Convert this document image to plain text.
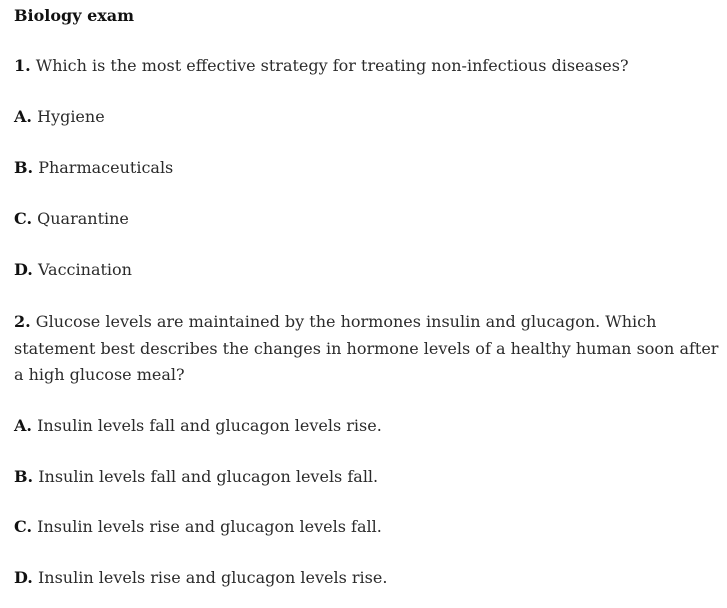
Biology exam
1. Which is the most effective strategy for treating non-infectious diseases?
A. Hygiene
B. Pharmaceuticals
C. Quarantine
D. Vaccination
2. Glucose levels are maintained by the hormones insulin and glucagon. Which statement best describes the changes in hormone levels of a healthy human soon after a high glucose meal?
A. Insulin levels fall and glucagon levels rise.
B. Insulin levels fall and glucagon levels fall.
C. Insulin levels rise and glucagon levels fall.
D. Insulin levels rise and glucagon levels rise.
